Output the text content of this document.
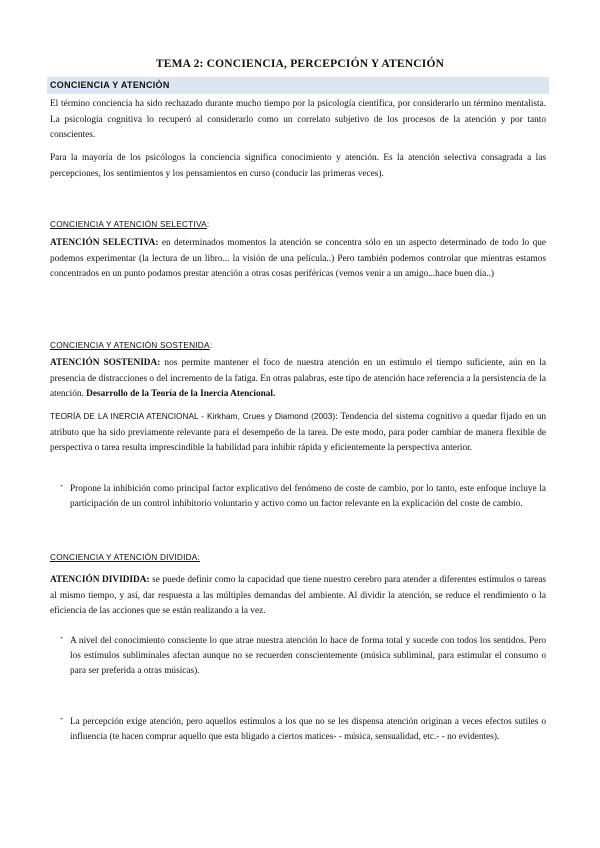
TEMA 2: CONCIENCIA, PERCEPCIÓN Y ATENCIÓN
CONCIENCIA Y ATENCIÒN
El término conciencia ha sido rechazado durante mucho tiempo por la psicología científica, por considerarlo un término mentalista. La psicología cognitiva lo recuperó al considerarlo como un correlato subjetivo de los procesos de la atención y por tanto conscientes.
Para la mayoría de los psicólogos la conciencia significa conocimiento y atención. Es la atención selectiva consagrada a las percepciones, los sentimientos y los pensamientos en curso (conducir las primeras veces).
CONCIENCIA Y ATENCIÓN SELECTIVA:
ATENCIÓN SELECTIVA: en determinados momentos la atención se concentra sólo en un aspecto determinado de todo lo que podemos experimentar (la lectura de un libro... la visión de una película..) Pero también podemos controlar que mientras estamos concentrados en un punto podamos prestar atención a otras cosas periféricas (vemos venir a un amigo...hace buen día..)
CONCIENCIA Y ATENCIÓN SOSTENIDA:
ATENCIÓN SOSTENIDA: nos permite mantener el foco de nuestra atención en un estímulo el tiempo suficiente, aún en la presencia de distracciones o del incremento de la fatiga. En otras palabras, este tipo de atención hace referencia a la persistencia de la atención. Desarrollo de la Teoría de la Inercia Atencional.
TEORÍA DE LA INERCIA ATENCIONAL - Kirkham, Crues y Diamond (2003): Tendencia del sistema cognitivo a quedar fijado en un atributo que ha sido previamente relevante para el desempeño de la tarea. De este modo, para poder cambiar de manera flexible de perspectiva o tarea resulta imprescindible la habilidad para inhibir rápida y eficientemente la perspectiva anterior.
- Propone la inhibición como principal factor explicativo del fenómeno de coste de cambio, por lo tanto, este enfoque incluye la participación de un control inhibitorio voluntario y activo como un factor relevante en la explicación del coste de cambio.
CONCIENCIA Y ATENCIÓN DIVIDIDA:
ATENCIÓN DIVIDIDA: se puede definir como la capacidad que tiene nuestro cerebro para atender a diferentes estímulos o tareas al mismo tiempo, y así, dar respuesta a las múltiples demandas del ambiente. Al dividir la atención, se reduce el rendimiento o la eficiencia de las acciones que se están realizando a la vez.
- A nivel del conocimiento consciente lo que atrae nuestra atención lo hace de forma total y sucede con todos los sentidos. Pero los estímulos subliminales afectan aunque no se recuerden conscientemente (música subliminal, para estimular el consumo o para ser preferida a otras músicas).
- La percepción exige atención, pero aquellos estímulos a los que no se les dispensa atención originan a veces efectos sutiles o influencia (te hacen comprar aquello que esta bligado a ciertos matices- - música, sensualidad, etc.- - no evidentes).
